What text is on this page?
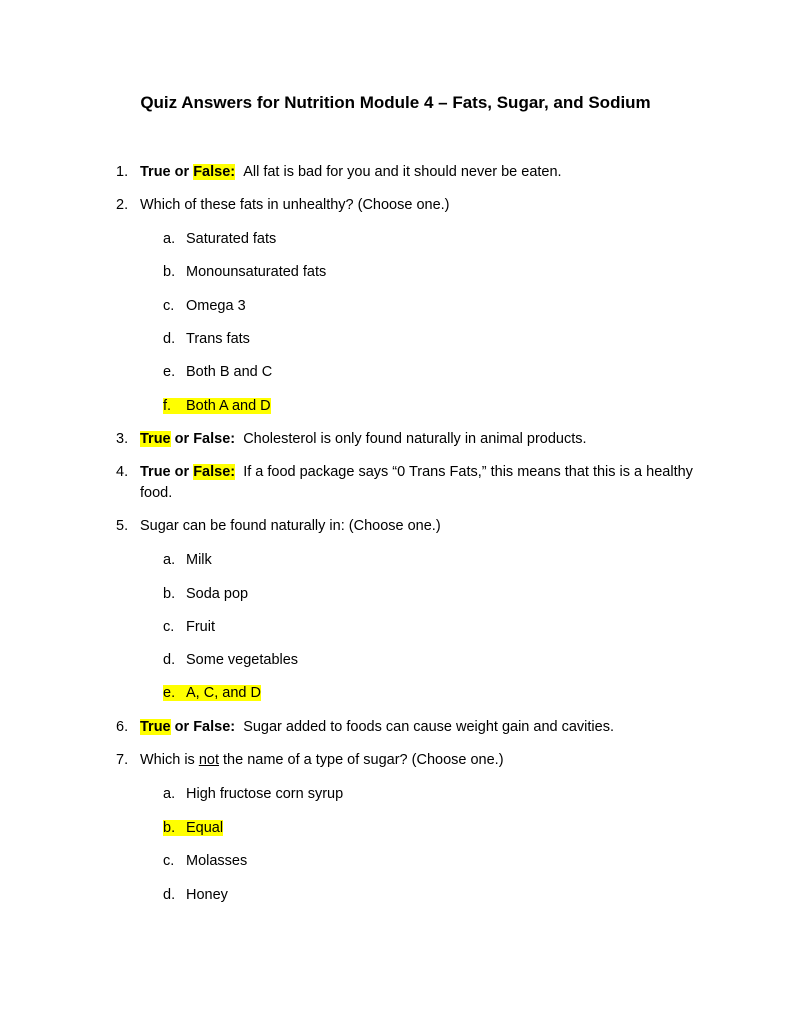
Quiz Answers for Nutrition Module 4 – Fats, Sugar, and Sodium
1. True or False: All fat is bad for you and it should never be eaten.
2. Which of these fats in unhealthy? (Choose one.)
a. Saturated fats
b. Monounsaturated fats
c. Omega 3
d. Trans fats
e. Both B and C
f. Both A and D
3. True or False: Cholesterol is only found naturally in animal products.
4. True or False: If a food package says “0 Trans Fats,” this means that this is a healthy food.
5. Sugar can be found naturally in: (Choose one.)
a. Milk
b. Soda pop
c. Fruit
d. Some vegetables
e. A, C, and D
6. True or False: Sugar added to foods can cause weight gain and cavities.
7. Which is not the name of a type of sugar? (Choose one.)
a. High fructose corn syrup
b. Equal
c. Molasses
d. Honey
